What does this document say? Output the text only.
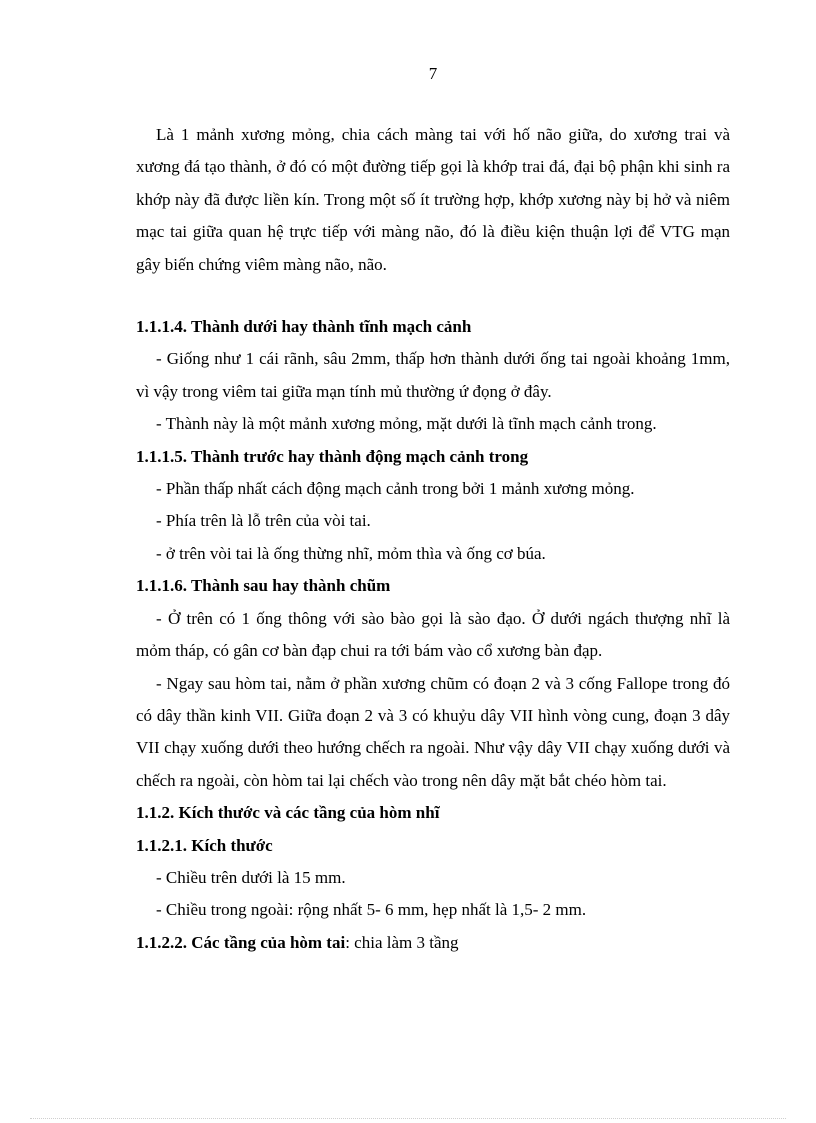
7

Là 1 mảnh xương mỏng, chia cách màng tai với hố não giữa, do xương trai và xương đá tạo thành, ở đó có một đường tiếp gọi là khớp trai đá, đại bộ phận khi sinh ra khớp này đã được liền kín. Trong một số ít trường hợp, khớp xương này bị hở và niêm mạc tai giữa quan hệ trực tiếp với màng não, đó là điều kiện thuận lợi để VTG mạn gây biến chứng viêm màng não, não.

1.1.1.4. Thành dưới hay thành tĩnh mạch cảnh

- Giống như 1 cái rãnh, sâu 2mm, thấp hơn thành dưới ống tai ngoài khoảng 1mm, vì vậy trong viêm tai giữa mạn tính mủ thường ứ đọng ở đây.

- Thành này là một mảnh xương mỏng, mặt dưới là tĩnh mạch cảnh trong.

1.1.1.5. Thành trước hay thành động mạch cảnh trong

- Phần thấp nhất cách động mạch cảnh trong bởi 1 mảnh xương mỏng.

- Phía trên là lỗ trên của vòi tai.

- ở trên vòi tai là ống thừng nhĩ, mỏm thìa và ống cơ búa.

1.1.1.6. Thành sau hay thành chũm

- Ở trên có 1 ống thông với sào bào gọi là sào đạo. Ở dưới ngách thượng nhĩ là mỏm tháp, có gân cơ bàn đạp chui ra tới bám vào cổ xương bàn đạp.

- Ngay sau hòm tai, nằm ở phần xương chũm có đoạn 2 và 3 cống Fallope trong đó có dây thần kinh VII. Giữa đoạn 2 và 3 có khuỷu dây VII hình vòng cung, đoạn 3 dây VII chạy xuống dưới theo hướng chếch ra ngoài. Như vậy dây VII chạy xuống dưới và chếch ra ngoài, còn hòm tai lại chếch vào trong nên dây mặt bắt chéo hòm tai.

1.1.2. Kích thước và các tầng của hòm nhĩ

1.1.2.1. Kích thước

- Chiều trên dưới là 15 mm.

- Chiều trong ngoài: rộng nhất 5- 6 mm, hẹp nhất là 1,5- 2 mm.

1.1.2.2. Các tầng của hòm tai: chia làm 3 tầng
